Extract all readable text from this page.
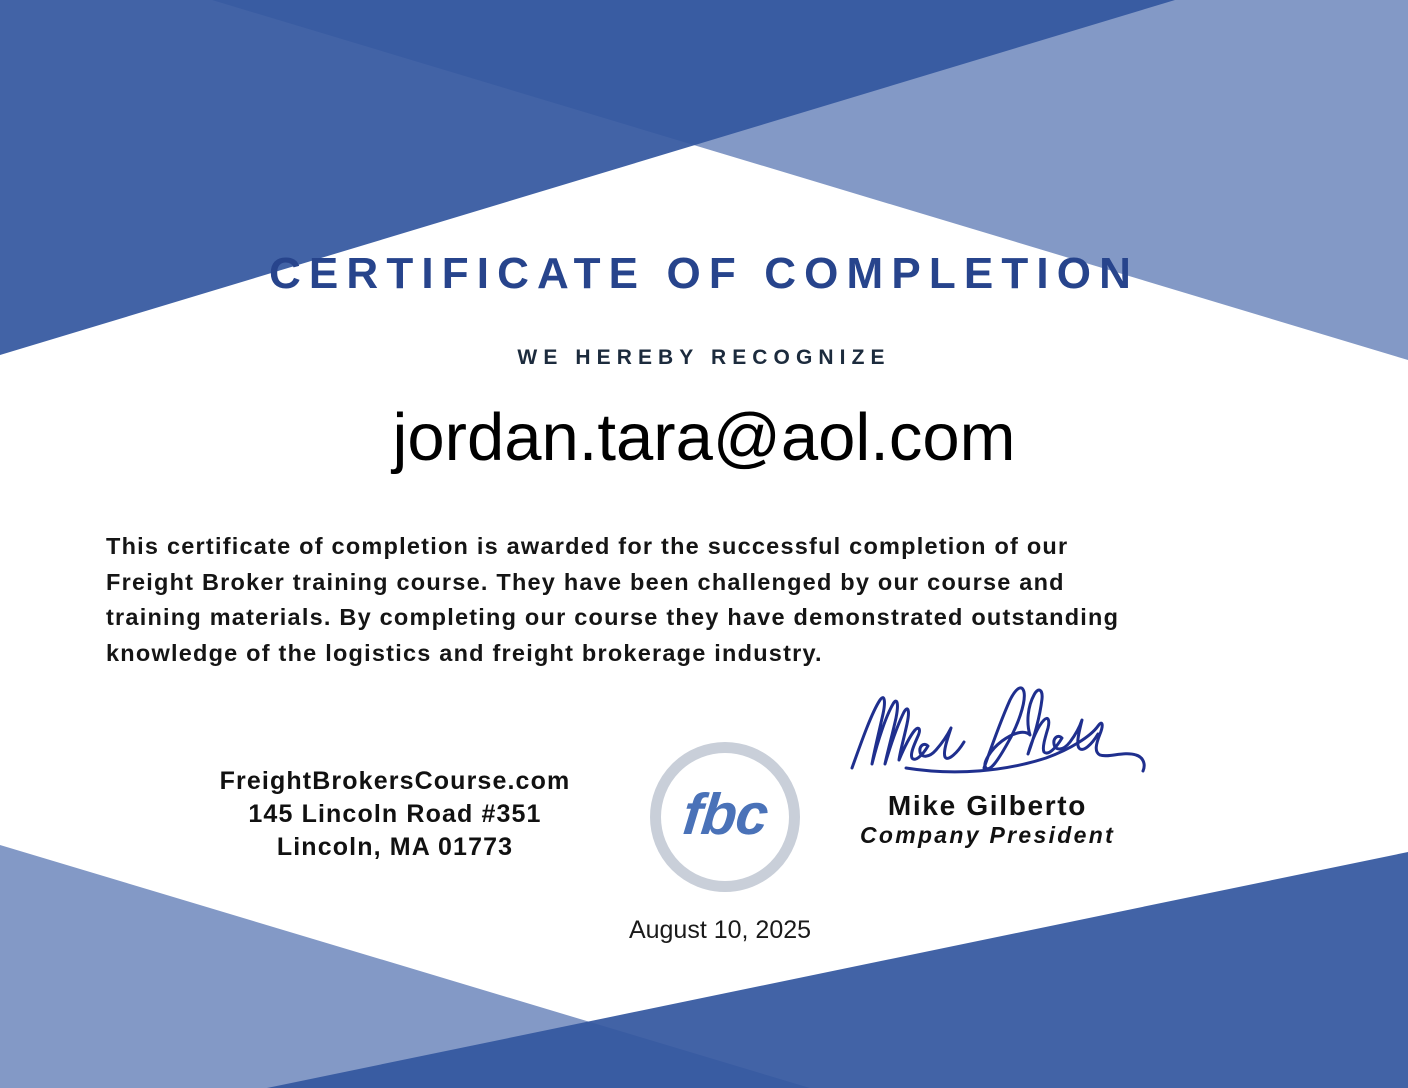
CERTIFICATE OF COMPLETION
WE HEREBY RECOGNIZE
jordan.tara@aol.com
This certificate of completion is awarded for the successful completion of our
Freight Broker training course. They have been challenged by our course and
training materials. By completing our course they have demonstrated outstanding
knowledge of the logistics and freight brokerage industry.
FreightBrokersCourse.com
145 Lincoln Road #351
Lincoln, MA 01773
fbc	Mike Gilberto
Company President
August 10, 2025
